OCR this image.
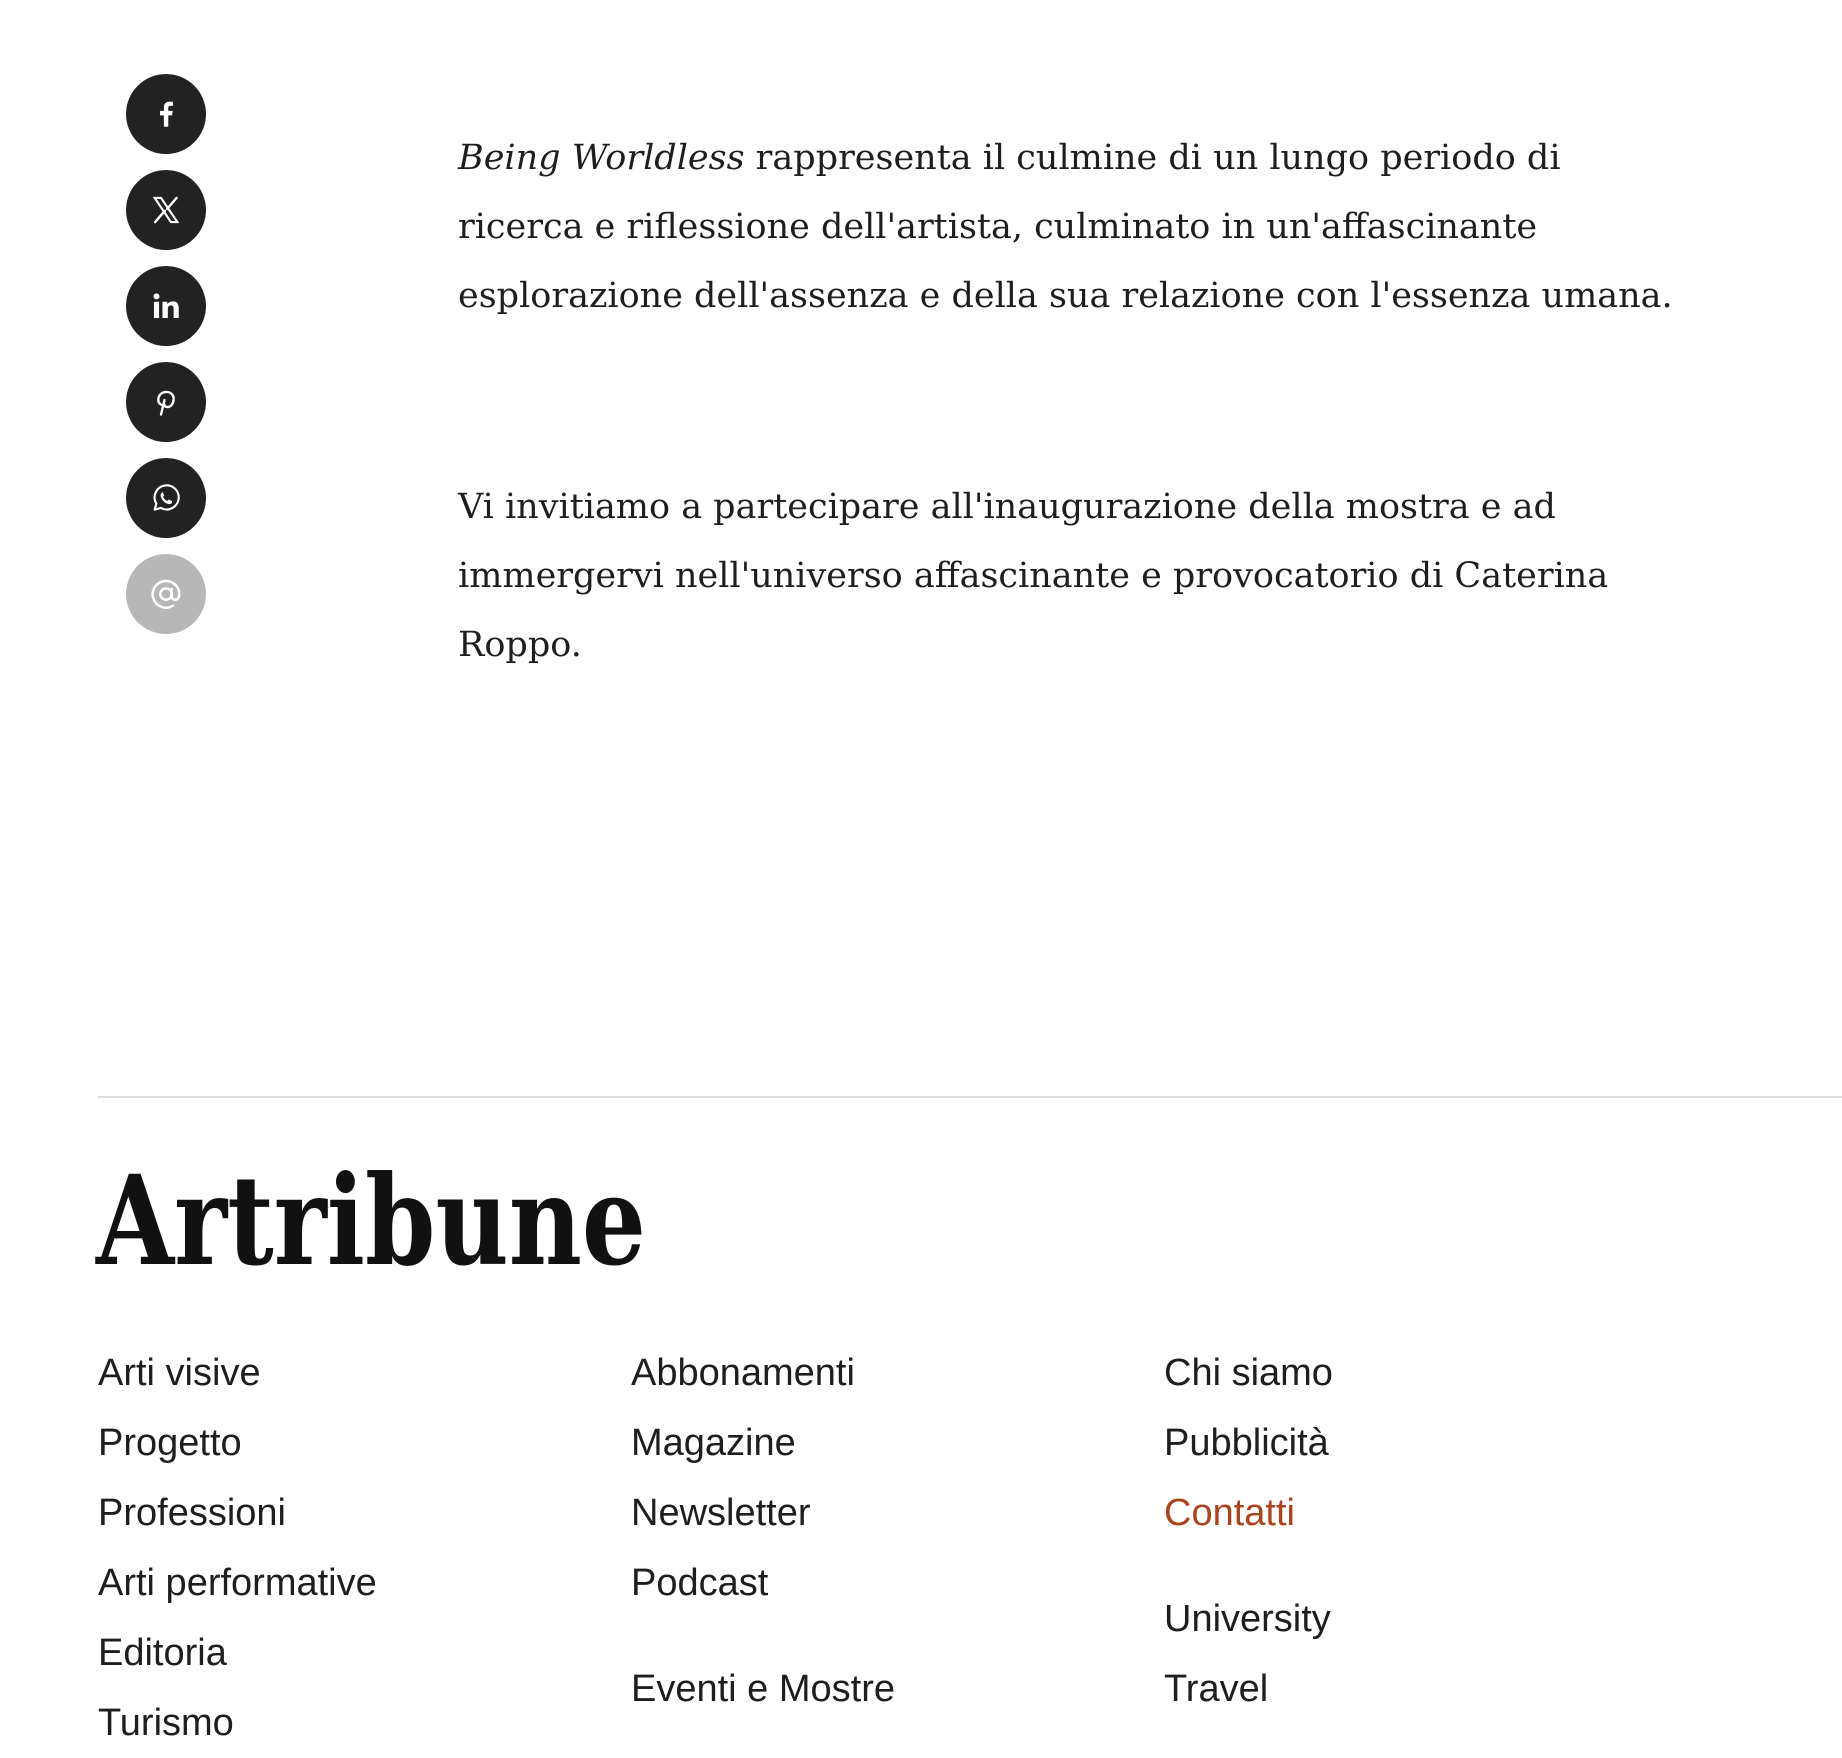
Being Worldless rappresenta il culmine di un lungo periodo di ricerca e riflessione dell'artista, culminato in un'affascinante esplorazione dell'assenza e della sua relazione con l'essenza umana.

Vi invitiamo a partecipare all'inaugurazione della mostra e ad immergervi nell'universo affascinante e provocatorio di Caterina Roppo.

Artribune
Arti visive
Progetto
Professioni
Arti performative
Editoria
Turismo
Abbonamenti
Magazine
Newsletter
Podcast
Eventi e Mostre
Chi siamo
Pubblicità
Contatti
University
Travel
